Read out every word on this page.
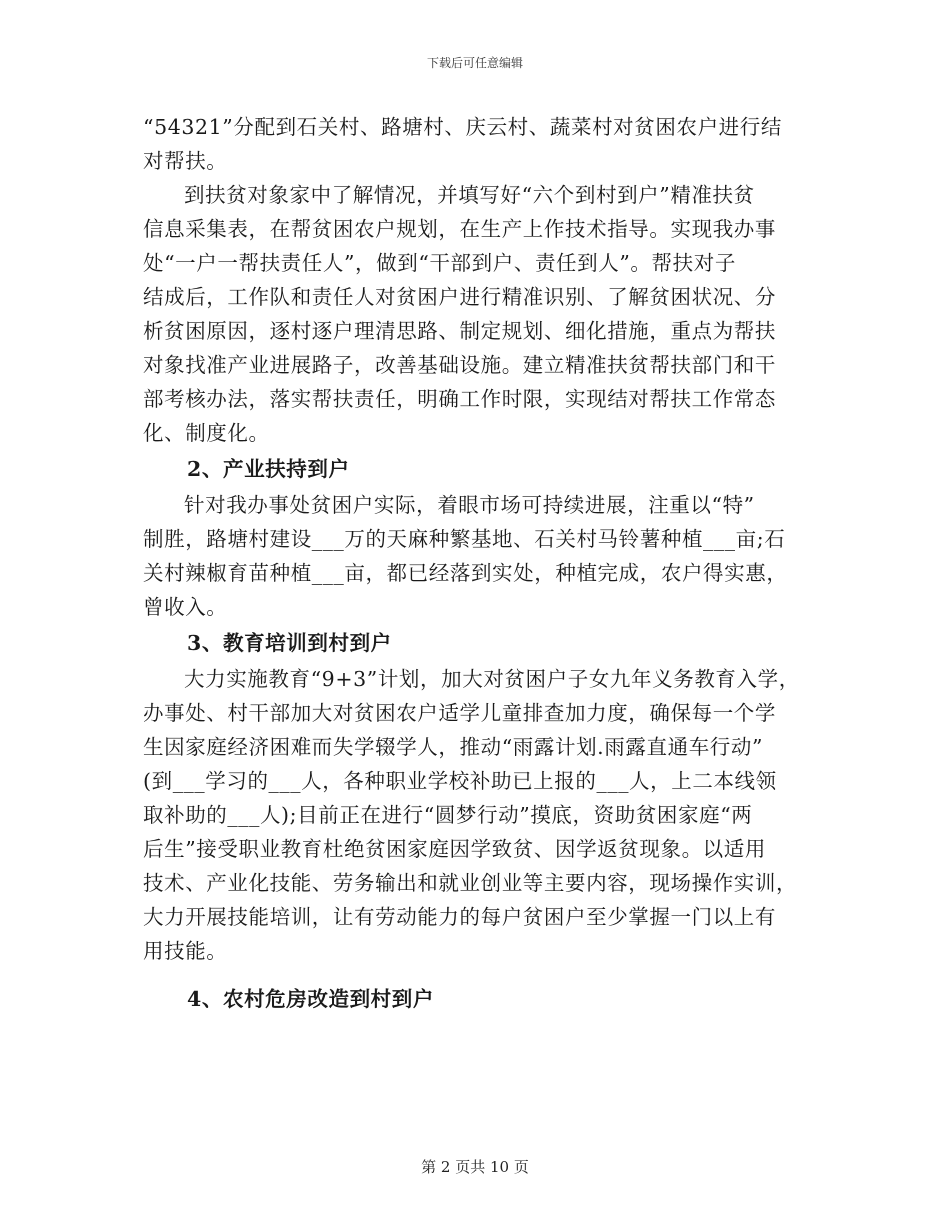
下载后可任意编辑
“54321”分配到石关村、路塘村、庆云村、蔬菜村对贫困农户进行结
对帮扶。
到扶贫对象家中了解情况，并填写好“六个到村到户”精准扶贫
信息采集表，在帮贫困农户规划，在生产上作技术指导。实现我办事
处“一户一帮扶责任人”，做到“干部到户、责任到人”。帮扶对子
结成后，工作队和责任人对贫困户进行精准识别、了解贫困状况、分
析贫困原因，逐村逐户理清思路、制定规划、细化措施，重点为帮扶
对象找准产业进展路子，改善基础设施。建立精准扶贫帮扶部门和干
部考核办法，落实帮扶责任，明确工作时限，实现结对帮扶工作常态
化、制度化。
2、产业扶持到户
针对我办事处贫困户实际，着眼市场可持续进展，注重以“特”
制胜，路塘村建设___万的天麻种繁基地、石关村马铃薯种植___亩;石
关村辣椒育苗种植___亩，都已经落到实处，种植完成，农户得实惠，
曾收入。
3、教育培训到村到户
大力实施教育“9+3”计划，加大对贫困户子女九年义务教育入学，
办事处、村干部加大对贫困农户适学儿童排查加力度，确保每一个学
生因家庭经济困难而失学辍学人，推动“雨露计划.雨露直通车行动”
(到___学习的___人，各种职业学校补助已上报的___人，上二本线领
取补助的___人);目前正在进行“圆梦行动”摸底，资助贫困家庭“两
后生”接受职业教育杜绝贫困家庭因学致贫、因学返贫现象。以适用
技术、产业化技能、劳务输出和就业创业等主要内容，现场操作实训，
大力开展技能培训，让有劳动能力的每户贫困户至少掌握一门以上有
用技能。
4、农村危房改造到村到户
第 2 页共 10 页
